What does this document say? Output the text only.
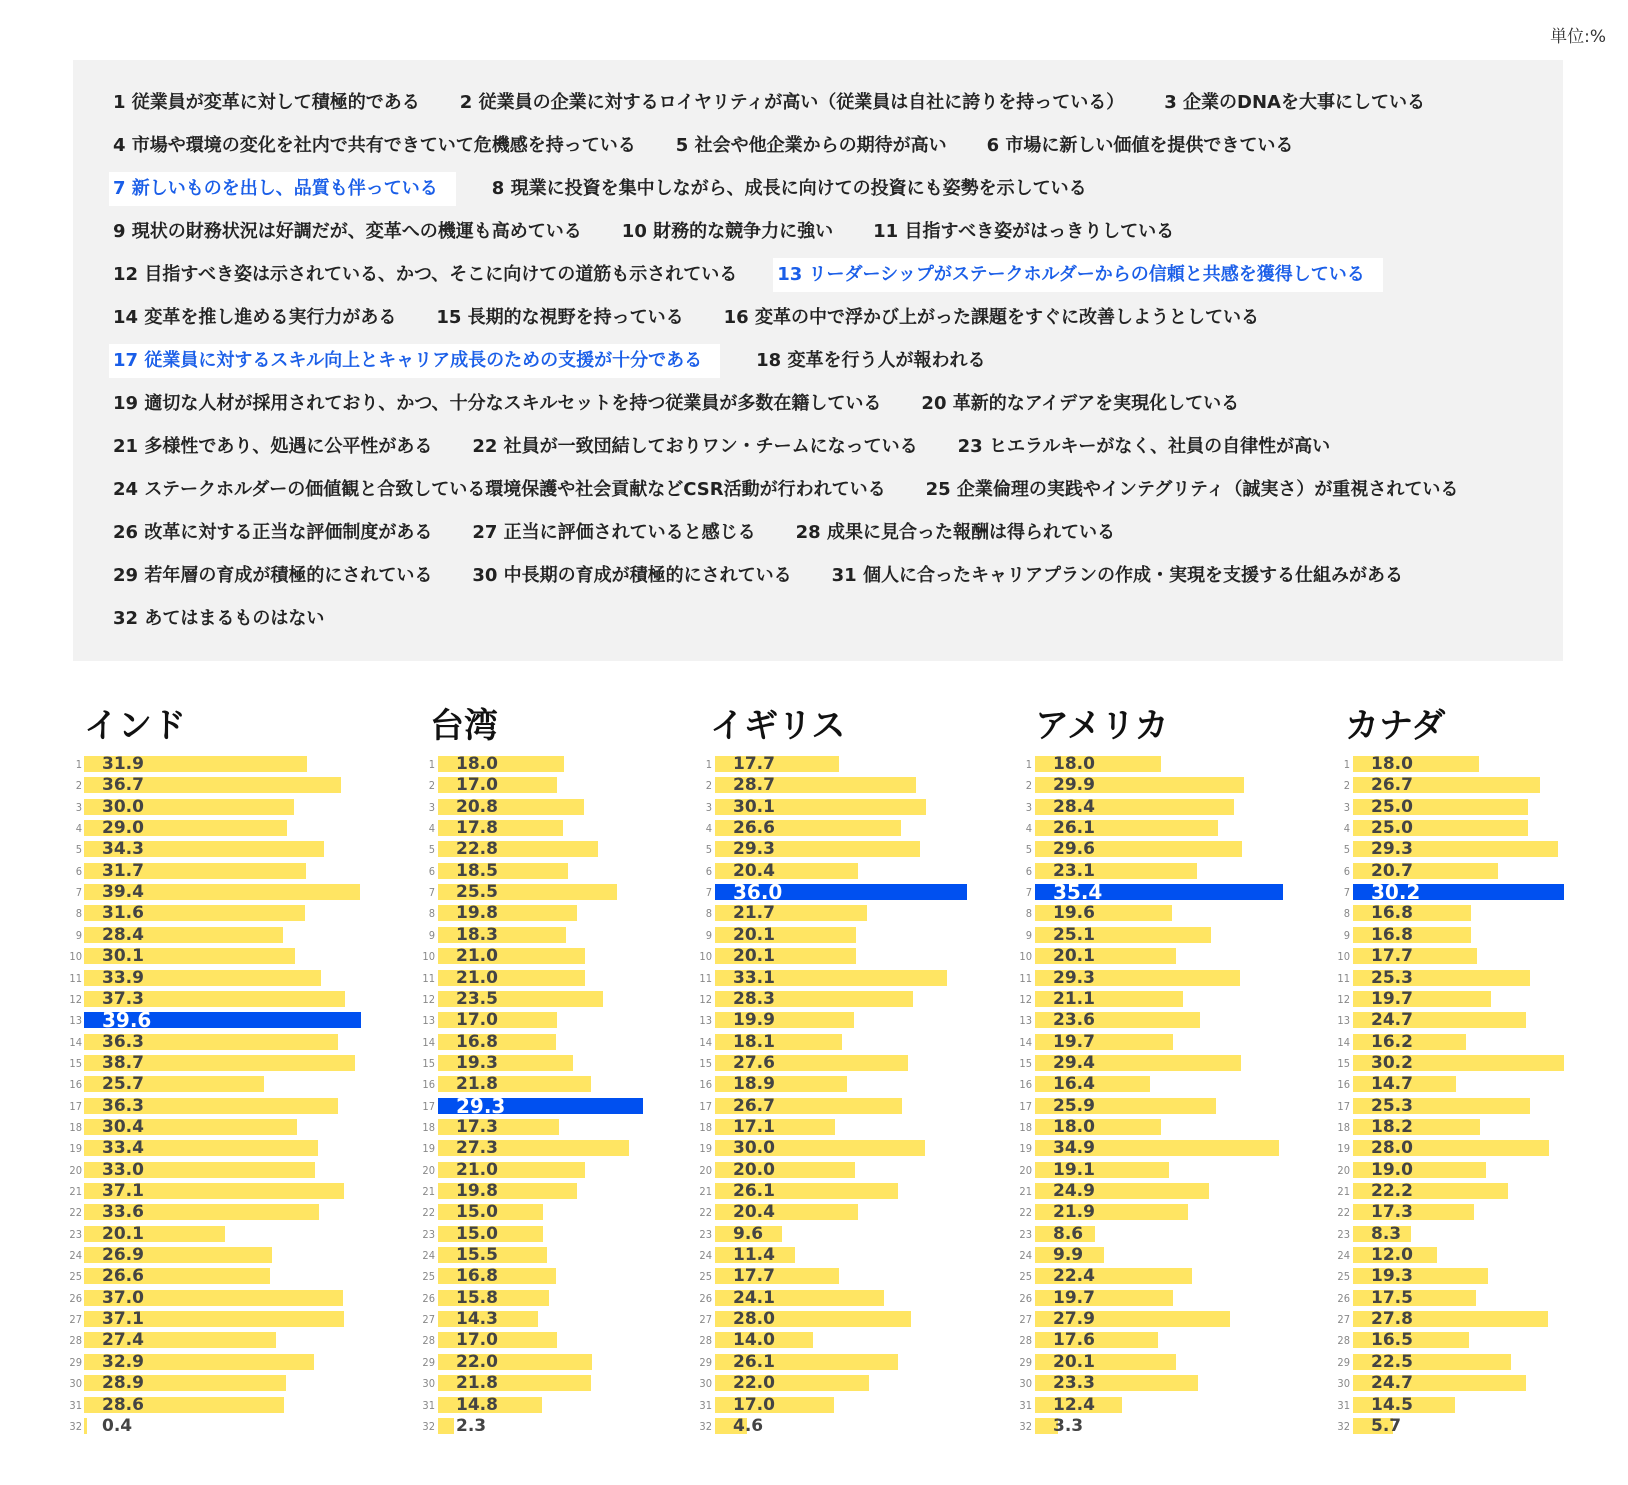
単位:%
1 従業員が変革に対して積極的である 2 従業員の企業に対するロイヤリティが高い（従業員は自社に誇りを持っている） 3 企業のDNAを大事にしている
4 市場や環境の変化を社内で共有できていて危機感を持っている 5 社会や他企業からの期待が高い 6 市場に新しい価値を提供できている
7 新しいものを出し、品質も伴っている	8 現業に投資を集中しながら、成長に向けての投資にも姿勢を示している
9 現状の財務状況は好調だが、変革への機運も高めている 10 財務的な競争力に強い 11 目指すべき姿がはっきりしている
12 目指すべき姿は示されている、かつ、そこに向けての道筋も示されている 13 リーダーシップがステークホルダーからの信頼と共感を獲得している
14 変革を推し進める実行力がある 15 長期的な視野を持っている 16 変革の中で浮かび上がった課題をすぐに改善しようとしている
17 従業員に対するスキル向上とキャリア成長のための支援が十分である	18 変革を行う人が報われる
19 適切な人材が採用されており、かつ、十分なスキルセットを持つ従業員が多数在籍している 20 革新的なアイデアを実現化している
21 多様性であり、処遇に公平性がある 22 社員が一致団結しておりワン・チームになっている 23 ヒエラルキーがなく、社員の自律性が高い
24 ステークホルダーの価値観と合致している環境保護や社会貢献などCSR活動が行われている 25 企業倫理の実践やインテグリティ（誠実さ）が重視されている
26 改革に対する正当な評価制度がある 27 正当に評価されていると感じる 28 成果に見合った報酬は得られている
29 若年層の育成が積極的にされている 30 中長期の育成が積極的にされている 31 個人に合ったキャリアプランの作成・実現を支援する仕組みがある
32 あてはまるものはない
インド
1 31.9
2 36.7
3 30.0
4 29.0
5 34.3
6 31.7
7 39.4
8 31.6
9 28.4
10 30.1
11 33.9
12 37.3
13 39.6
14 36.3
15 38.7
16 25.7
17 36.3
18 30.4
19 33.4
20 33.0
21 37.1
22 33.6
23 20.1
24 26.9
25 26.6
26 37.0
27 37.1
28 27.4
29 32.9
30 28.9
31 28.6
32 0.4
台湾
1 18.0
2 17.0
3 20.8
4 17.8
5 22.8
6 18.5
7 25.5
8 19.8
9 18.3
10 21.0
11 21.0
12 23.5
13 17.0
14 16.8
15 19.3
16 21.8
17 29.3
18 17.3
19 27.3
20 21.0
21 19.8
22 15.0
23 15.0
24 15.5
25 16.8
26 15.8
27 14.3
28 17.0
29 22.0
30 21.8
31 14.8
32 2.3
イギリス
1 17.7
2 28.7
3 30.1
4 26.6
5 29.3
6 20.4
7 36.0
8 21.7
9 20.1
10 20.1
11 33.1
12 28.3
13 19.9
14 18.1
15 27.6
16 18.9
17 26.7
18 17.1
19 30.0
20 20.0
21 26.1
22 20.4
23 9.6
24 11.4
25 17.7
26 24.1
27 28.0
28 14.0
29 26.1
30 22.0
31 17.0
32 4.6
アメリカ
1 18.0
2 29.9
3 28.4
4 26.1
5 29.6
6 23.1
7 35.4
8 19.6
9 25.1
10 20.1
11 29.3
12 21.1
13 23.6
14 19.7
15 29.4
16 16.4
17 25.9
18 18.0
19 34.9
20 19.1
21 24.9
22 21.9
23 8.6
24 9.9
25 22.4
26 19.7
27 27.9
28 17.6
29 20.1
30 23.3
31 12.4
32 3.3
カナダ
1 18.0
2 26.7
3 25.0
4 25.0
5 29.3
6 20.7
7 30.2
8 16.8
9 16.8
10 17.7
11 25.3
12 19.7
13 24.7
14 16.2
15 30.2
16 14.7
17 25.3
18 18.2
19 28.0
20 19.0
21 22.2
22 17.3
23 8.3
24 12.0
25 19.3
26 17.5
27 27.8
28 16.5
29 22.5
30 24.7
31 14.5
32 5.7
